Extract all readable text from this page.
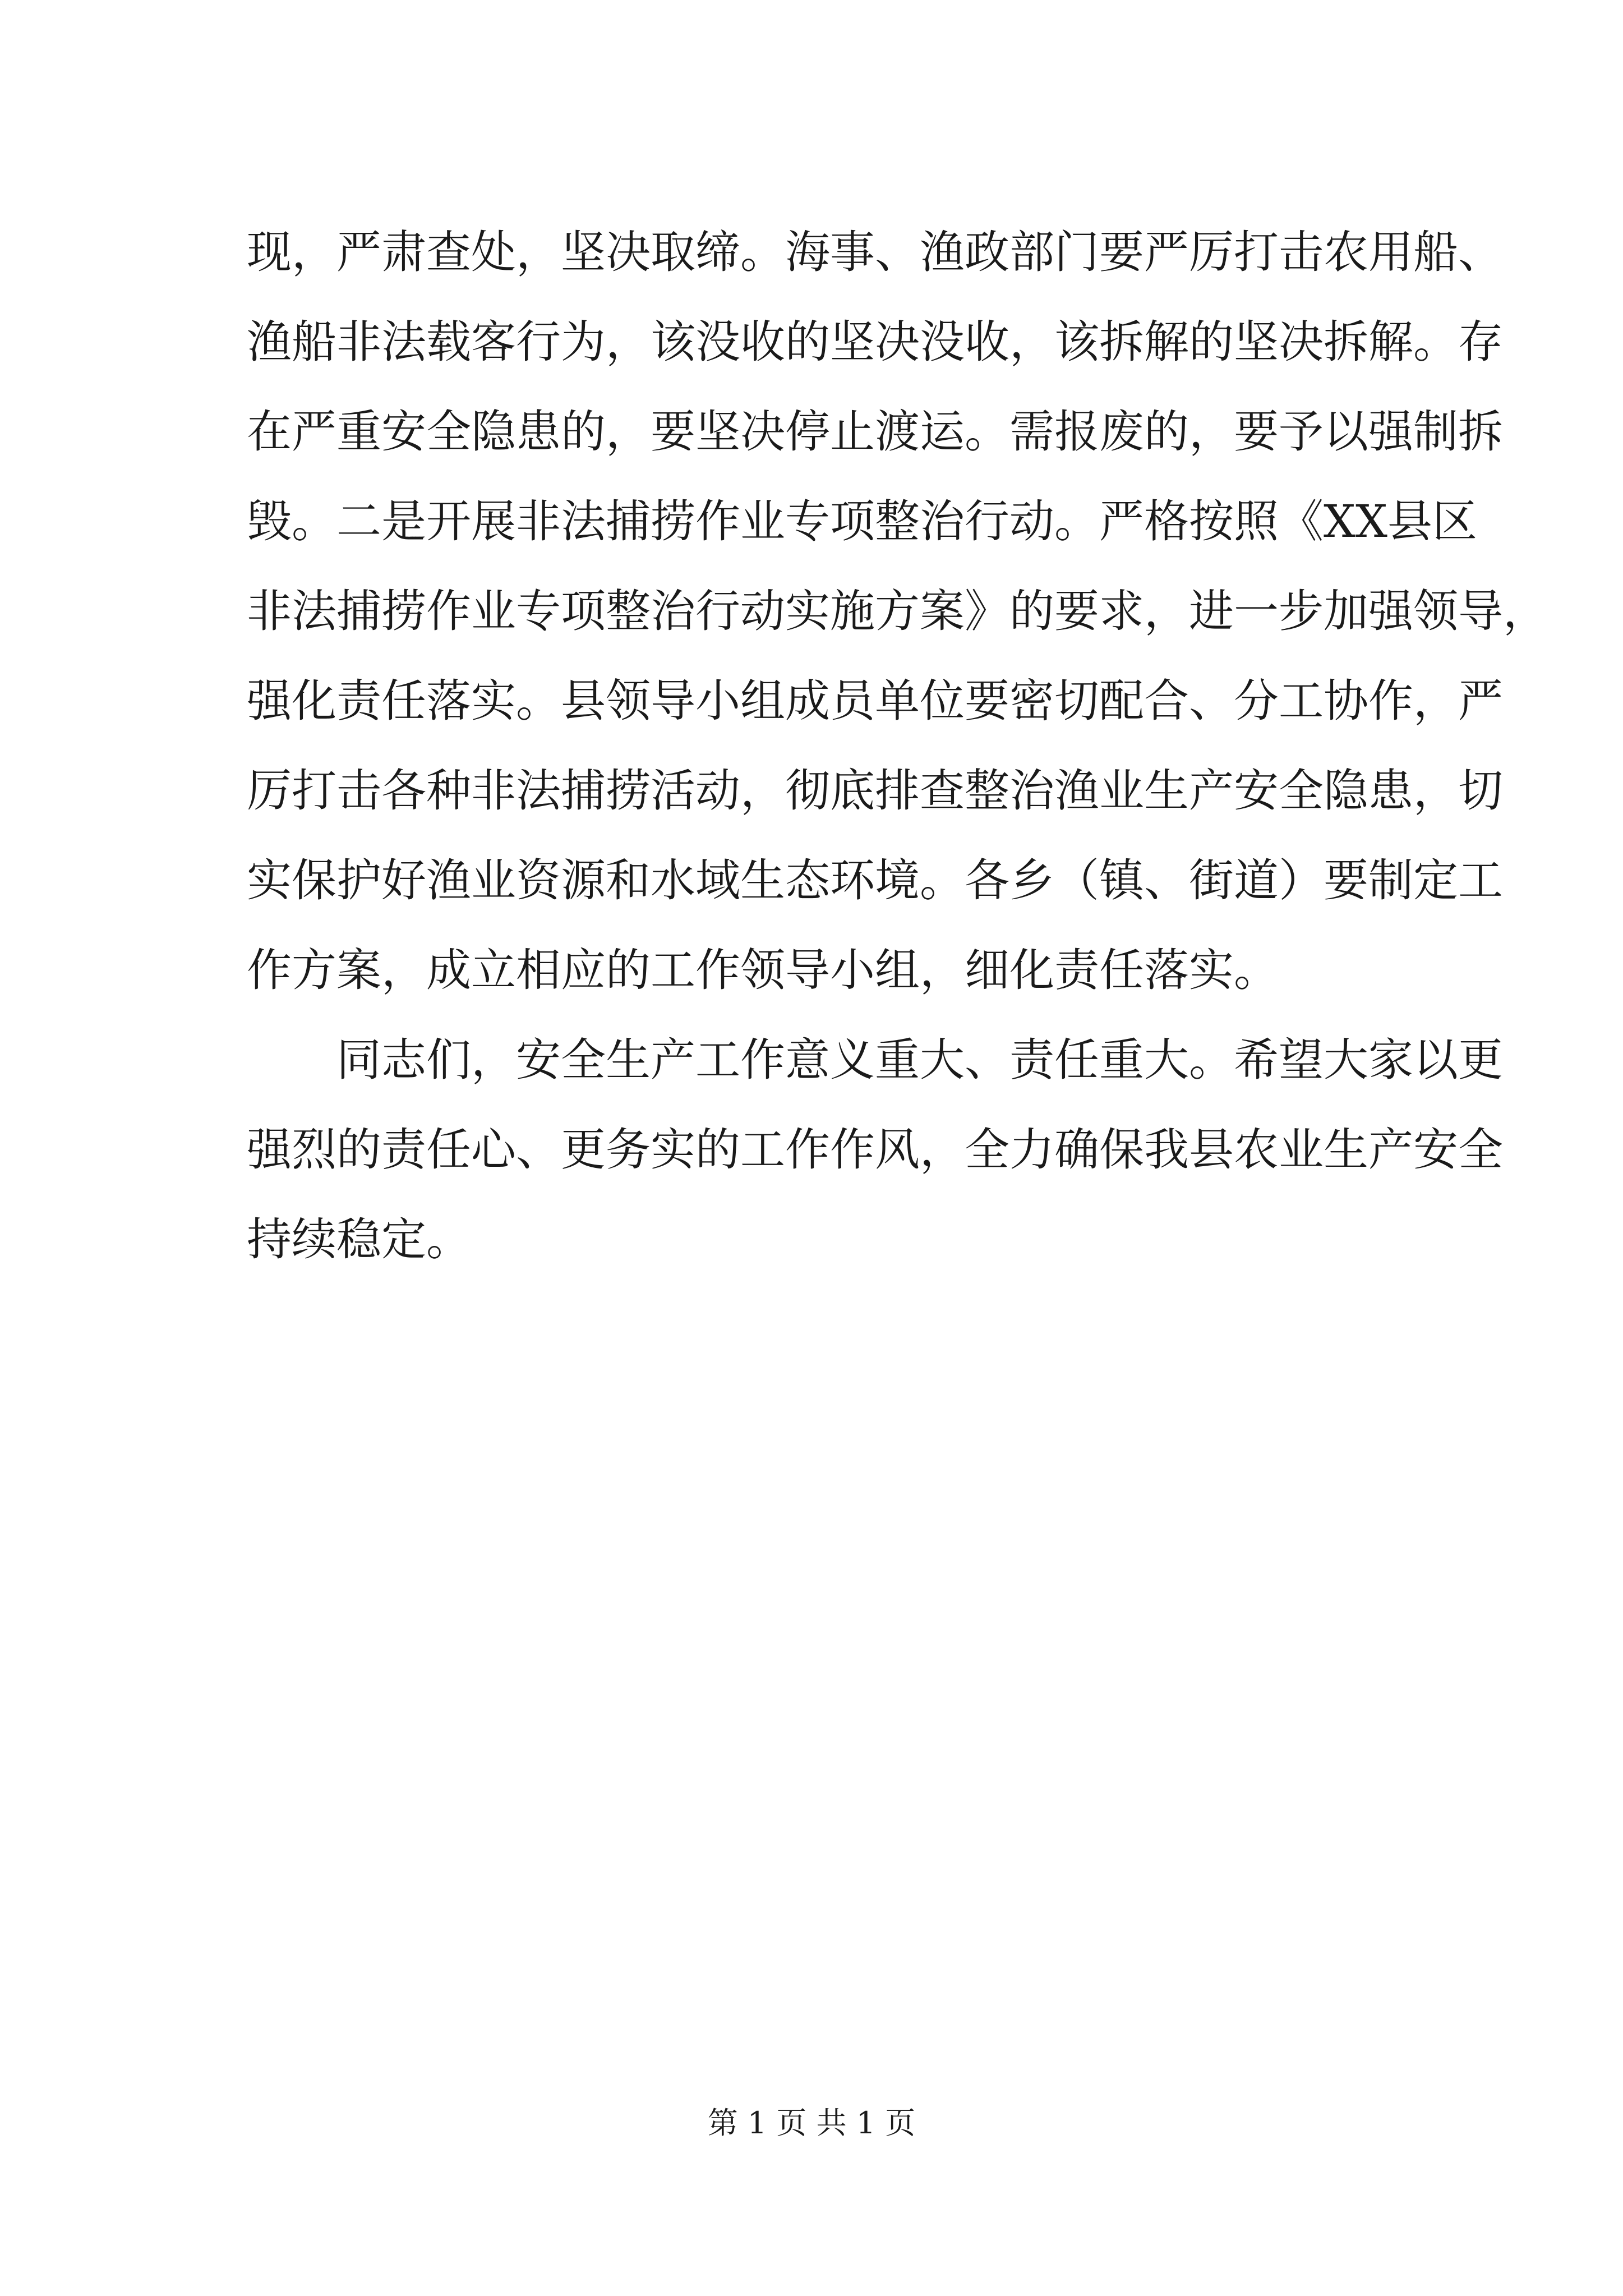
现，严肃查处，坚决取缔。海事、渔政部门要严厉打击农用船、
渔船非法载客行为，该没收的坚决没收，该拆解的坚决拆解。存
在严重安全隐患的，要坚决停止渡运。需报废的，要予以强制拆
毁。二是开展非法捕捞作业专项整治行动。严格按照《XX县区
非法捕捞作业专项整治行动实施方案》的要求，进一步加强领导，
强化责任落实。县领导小组成员单位要密切配合、分工协作，严
厉打击各种非法捕捞活动，彻底排查整治渔业生产安全隐患，切
实保护好渔业资源和水域生态环境。各乡（镇、街道）要制定工
作方案，成立相应的工作领导小组，细化责任落实。
同志们，安全生产工作意义重大、责任重大。希望大家以更
强烈的责任心、更务实的工作作风，全力确保我县农业生产安全
持续稳定。
第 1 页 共 1 页
